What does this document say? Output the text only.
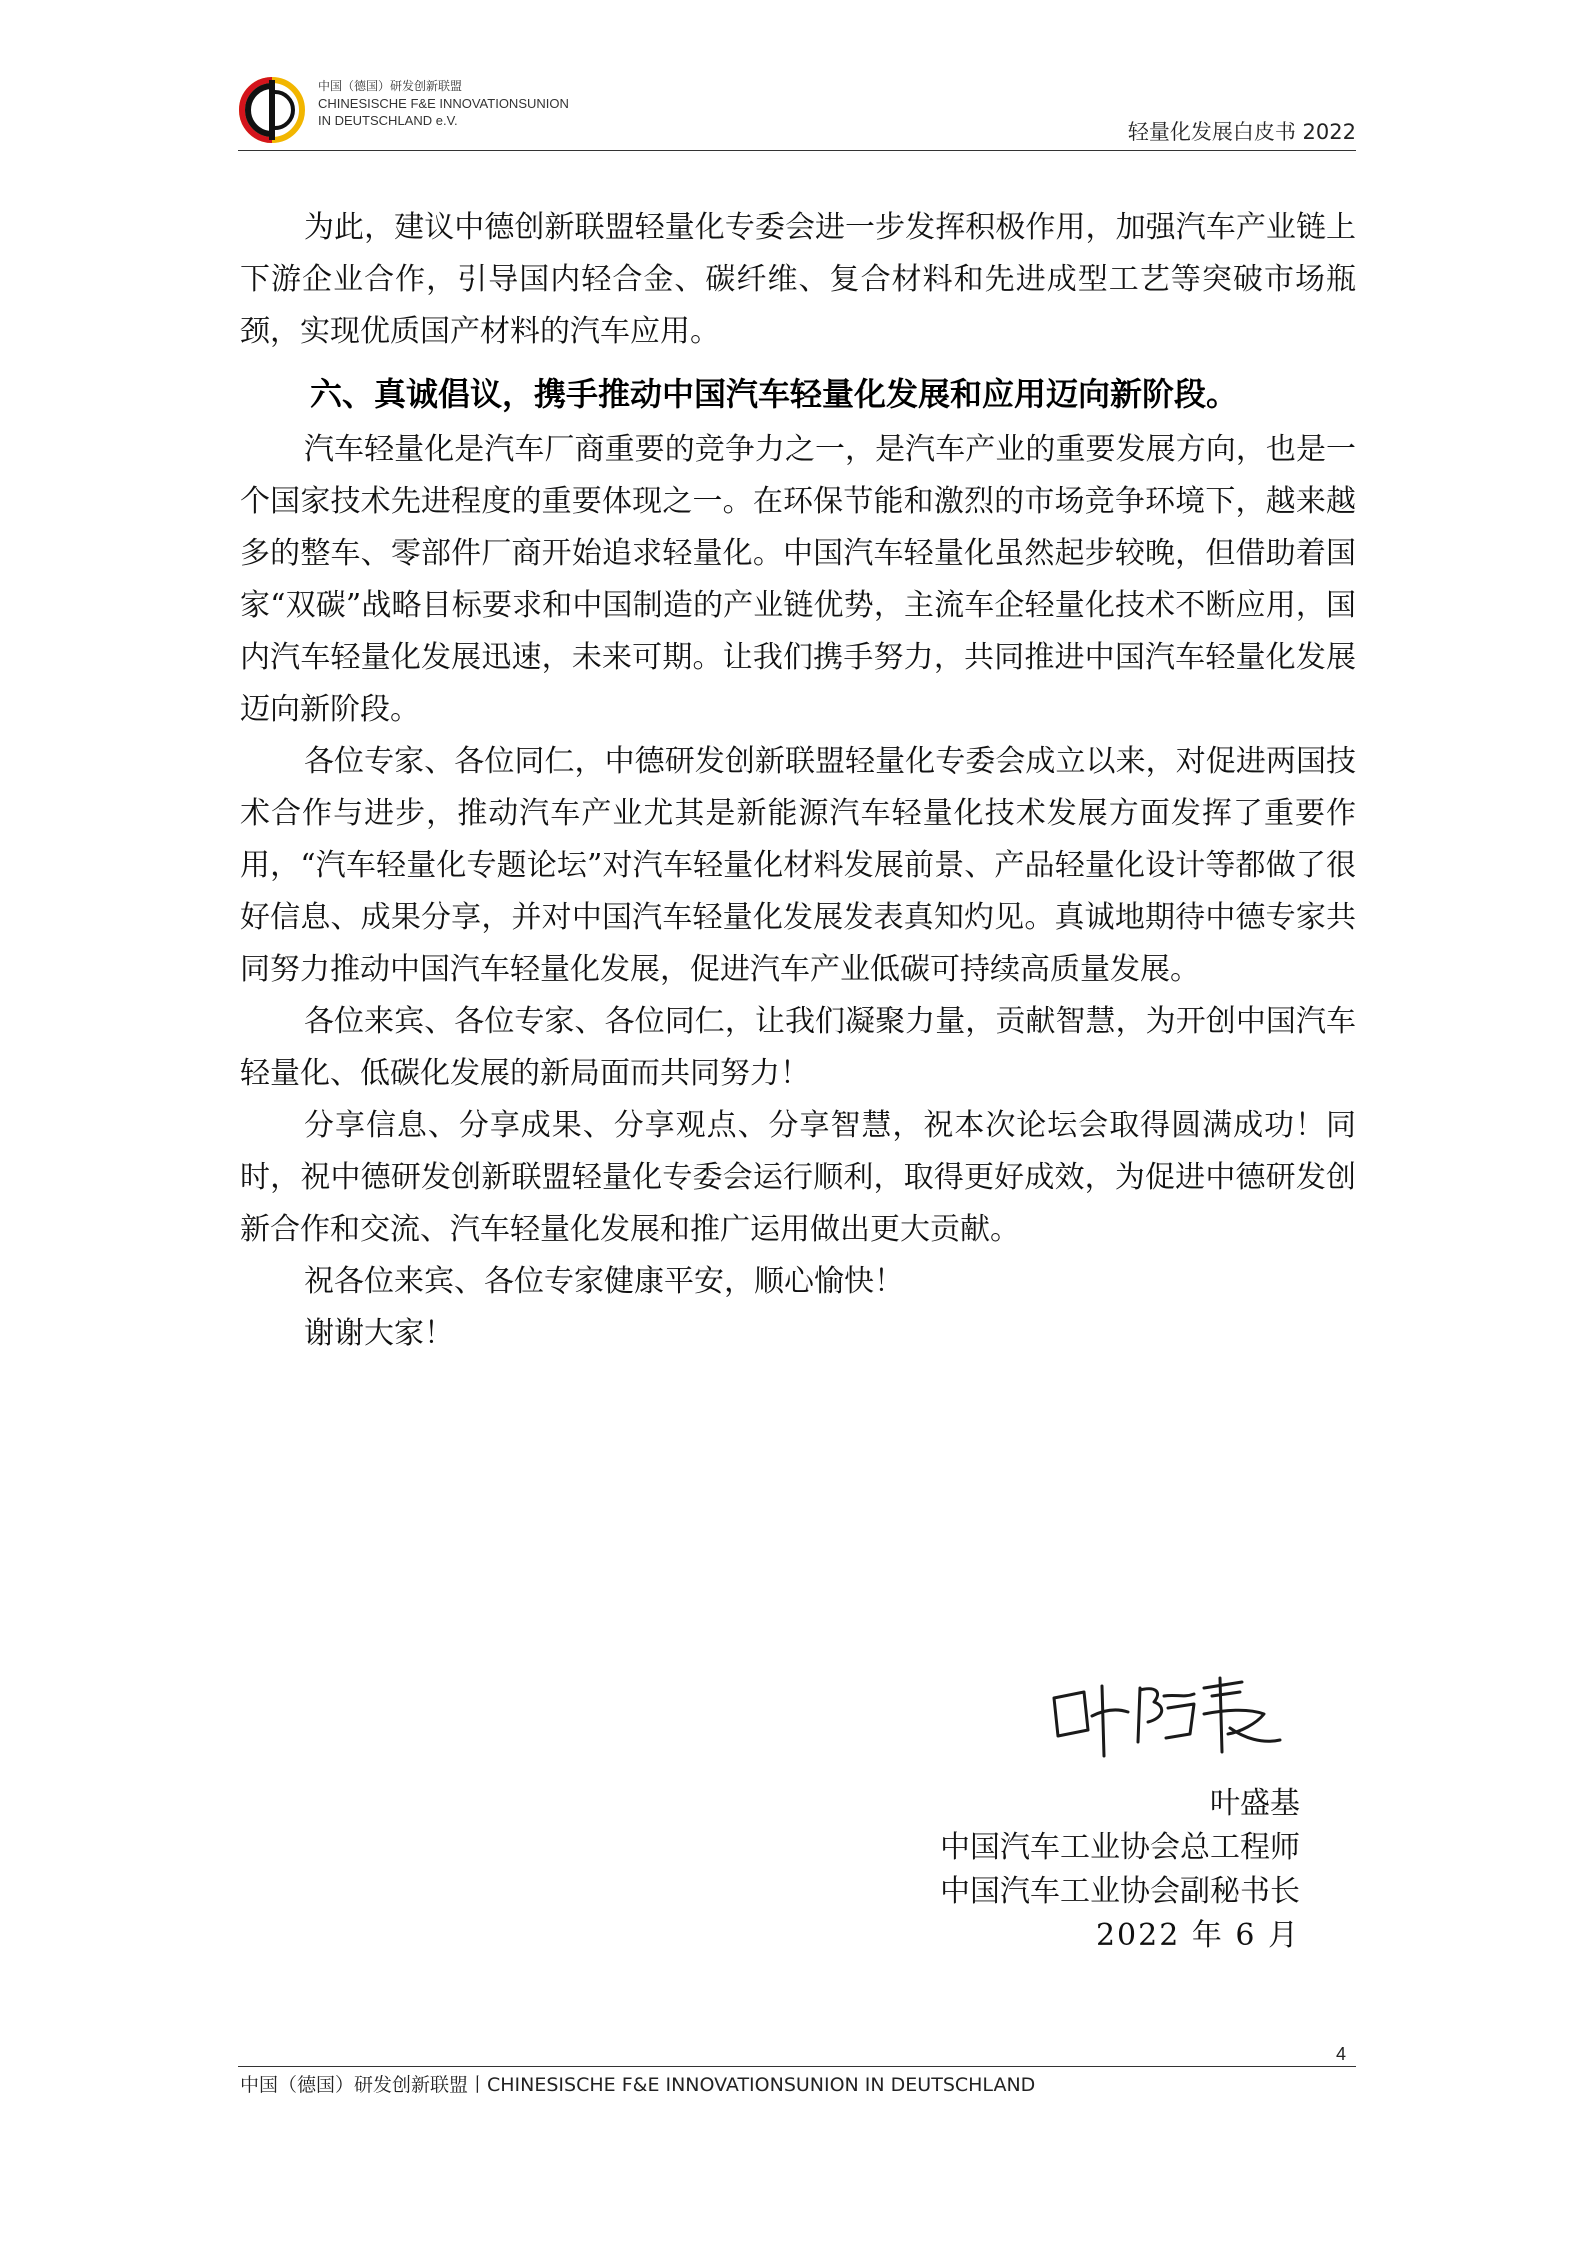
中国（德国）研发创新联盟
CHINESISCHE F&E INNOVATIONSUNION
IN DEUTSCHLAND e.V.	轻量化发展白皮书 2022

为此，建议中德创新联盟轻量化专委会进一步发挥积极作用，加强汽车产业链上下游企业合作，引导国内轻合金、碳纤维、复合材料和先进成型工艺等突破市场瓶颈，实现优质国产材料的汽车应用。

六、真诚倡议，携手推动中国汽车轻量化发展和应用迈向新阶段。

汽车轻量化是汽车厂商重要的竞争力之一，是汽车产业的重要发展方向，也是一个国家技术先进程度的重要体现之一。在环保节能和激烈的市场竞争环境下，越来越多的整车、零部件厂商开始追求轻量化。中国汽车轻量化虽然起步较晚，但借助着国家“双碳”战略目标要求和中国制造的产业链优势，主流车企轻量化技术不断应用，国内汽车轻量化发展迅速，未来可期。让我们携手努力，共同推进中国汽车轻量化发展迈向新阶段。

各位专家、各位同仁，中德研发创新联盟轻量化专委会成立以来，对促进两国技术合作与进步，推动汽车产业尤其是新能源汽车轻量化技术发展方面发挥了重要作用，“汽车轻量化专题论坛”对汽车轻量化材料发展前景、产品轻量化设计等都做了很好信息、成果分享，并对中国汽车轻量化发展发表真知灼见。真诚地期待中德专家共同努力推动中国汽车轻量化发展，促进汽车产业低碳可持续高质量发展。

各位来宾、各位专家、各位同仁，让我们凝聚力量，贡献智慧，为开创中国汽车轻量化、低碳化发展的新局面而共同努力！

分享信息、分享成果、分享观点、分享智慧，祝本次论坛会取得圆满成功！同时，祝中德研发创新联盟轻量化专委会运行顺利，取得更好成效，为促进中德研发创新合作和交流、汽车轻量化发展和推广运用做出更大贡献。

祝各位来宾、各位专家健康平安，顺心愉快！

谢谢大家！

叶盛基
中国汽车工业协会总工程师
中国汽车工业协会副秘书长
2022 年 6 月
4
中国（德国）研发创新联盟丨CHINESISCHE F&E INNOVATIONSUNION IN DEUTSCHLAND
